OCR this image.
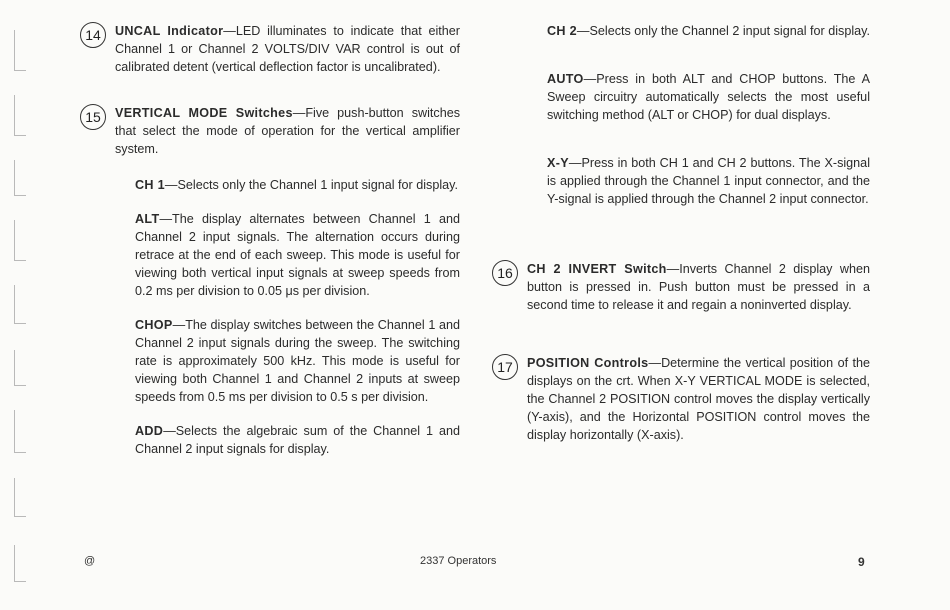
14	UNCAL Indicator—LED illuminates to indicate that either Channel 1 or Channel 2 VOLTS/DIV VAR control is out of calibrated detent (vertical deflection factor is uncalibrated).

15	VERTICAL MODE Switches—Five push-button switches that select the mode of operation for the vertical amplifier system.

CH 1—Selects only the Channel 1 input signal for display.

ALT—The display alternates between Channel 1 and Channel 2 input signals. The alternation occurs during retrace at the end of each sweep. This mode is useful for viewing both vertical input signals at sweep speeds from 0.2 ms per division to 0.05 μs per division.

CHOP—The display switches between the Channel 1 and Channel 2 input signals during the sweep. The switching rate is approximately 500 kHz. This mode is useful for viewing both Channel 1 and Channel 2 inputs at sweep speeds from 0.5 ms per division to 0.5 s per division.

ADD—Selects the algebraic sum of the Channel 1 and Channel 2 input signals for display.

CH 2—Selects only the Channel 2 input signal for display.

AUTO—Press in both ALT and CHOP buttons. The A Sweep circuitry automatically selects the most useful switching method (ALT or CHOP) for dual displays.

X-Y—Press in both CH 1 and CH 2 buttons. The X-signal is applied through the Channel 1 input connector, and the Y-signal is applied through the Channel 2 input connector.

16	CH 2 INVERT Switch—Inverts Channel 2 display when button is pressed in. Push button must be pressed in a second time to release it and regain a noninverted display.

17	POSITION Controls—Determine the vertical position of the displays on the crt. When X-Y VERTICAL MODE is selected, the Channel 2 POSITION control moves the display vertically (Y-axis), and the Horizontal POSITION control moves the display horizontally (X-axis).

@	2337 Operators	9
